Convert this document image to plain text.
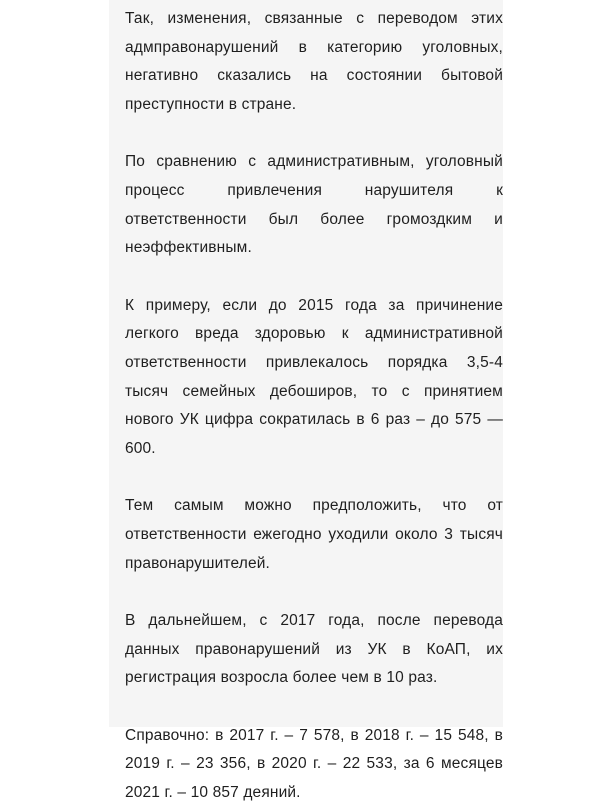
Так, изменения, связанные с переводом этих адмправонарушений в категорию уголовных, негативно сказались на состоянии бытовой преступности в стране.

По сравнению с административным, уголовный процесс привлечения нарушителя к ответственности был более громоздким и неэффективным.

К примеру, если до 2015 года за причинение легкого вреда здоровью к административной ответственности привлекалось порядка 3,5-4 тысяч семейных дебоширов, то с принятием нового УК цифра сократилась в 6 раз – до 575 — 600.

Тем самым можно предположить, что от ответственности ежегодно уходили около 3 тысяч правонарушителей.

В дальнейшем, с 2017 года, после перевода данных правонарушений из УК в КоАП, их регистрация возросла более чем в 10 раз.

Справочно: в 2017 г. – 7 578, в 2018 г. – 15 548, в 2019 г. – 23 356, в 2020 г. – 22 533, за 6 месяцев 2021 г. – 10 857 деяний.
